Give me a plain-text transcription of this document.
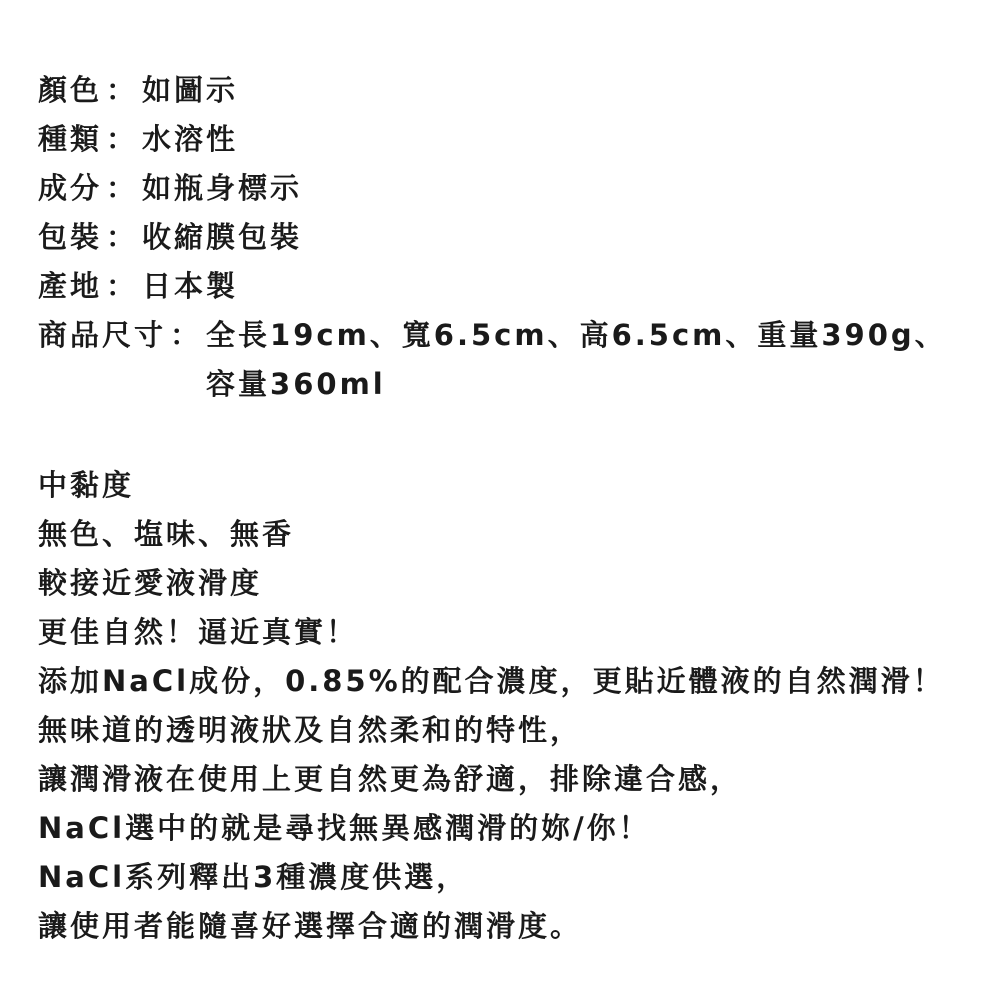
顏色 ： 如圖示
種類 ： 水溶性
成分 ： 如瓶身標示
包裝 ： 收縮膜包裝
產地 ： 日本製
商品尺寸 ： 全長19cm、寬6.5cm、高6.5cm、重量390g、
容量360ml
中黏度
無色、塩味、無香
較接近愛液滑度
更佳自然！逼近真實！
添加NaCl成份，0.85%的配合濃度，更貼近體液的自然潤滑！
無味道的透明液狀及自然柔和的特性，
讓潤滑液在使用上更自然更為舒適，排除違合感，
NaCl選中的就是尋找無異感潤滑的妳/你！
NaCl系列釋出3種濃度供選，
讓使用者能隨喜好選擇合適的潤滑度。
